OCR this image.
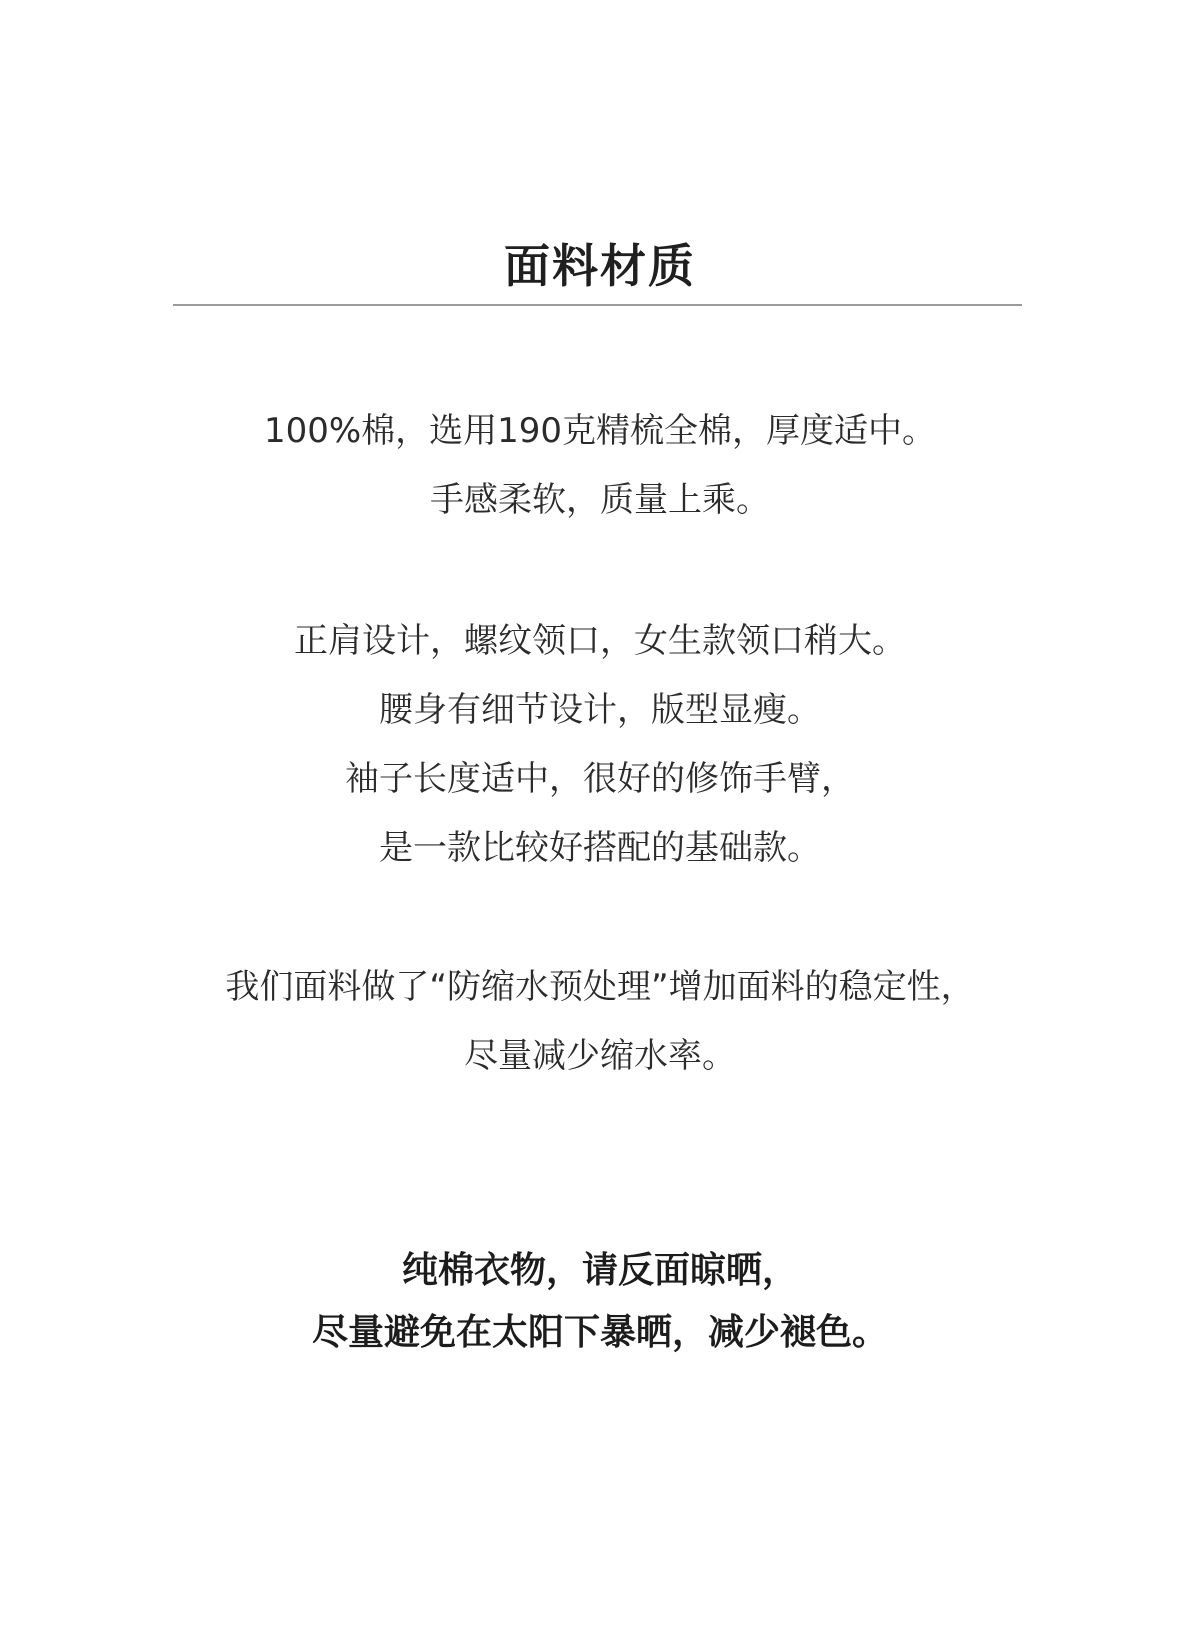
面料材质
100%棉，选用190克精梳全棉，厚度适中。
手感柔软，质量上乘。
正肩设计，螺纹领口，女生款领口稍大。
腰身有细节设计，版型显瘦。
袖子长度适中，很好的修饰手臂，
是一款比较好搭配的基础款。
我们面料做了“防缩水预处理”增加面料的稳定性，
尽量减少缩水率。
纯棉衣物，请反面晾晒，
尽量避免在太阳下暴晒，减少褪色。
